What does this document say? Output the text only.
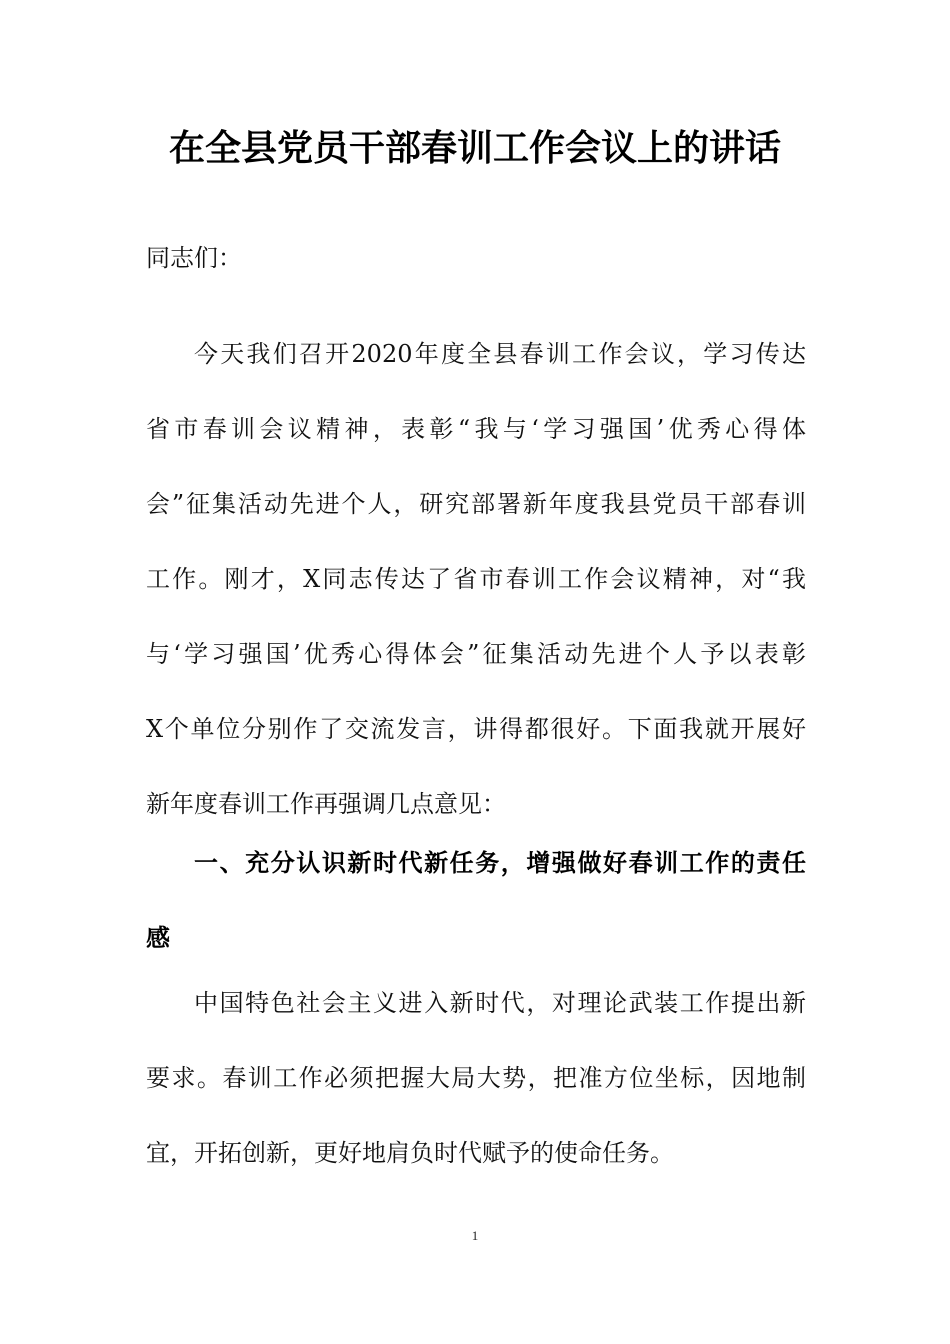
在全县党员干部春训工作会议上的讲话
同志们：
今天我们召开2020年度全县春训工作会议，学习传达
省市春训会议精神，表彰“我与‘学习强国’优秀心得体
会”征集活动先进个人，研究部署新年度我县党员干部春训
工作。刚才，X同志传达了省市春训工作会议精神，对“我
与‘学习强国’优秀心得体会”征集活动先进个人予以表彰
X个单位分别作了交流发言，讲得都很好。下面我就开展好
新年度春训工作再强调几点意见：
一、充分认识新时代新任务，增强做好春训工作的责任
感
中国特色社会主义进入新时代，对理论武装工作提出新
要求。春训工作必须把握大局大势，把准方位坐标，因地制
宜，开拓创新，更好地肩负时代赋予的使命任务。
1
